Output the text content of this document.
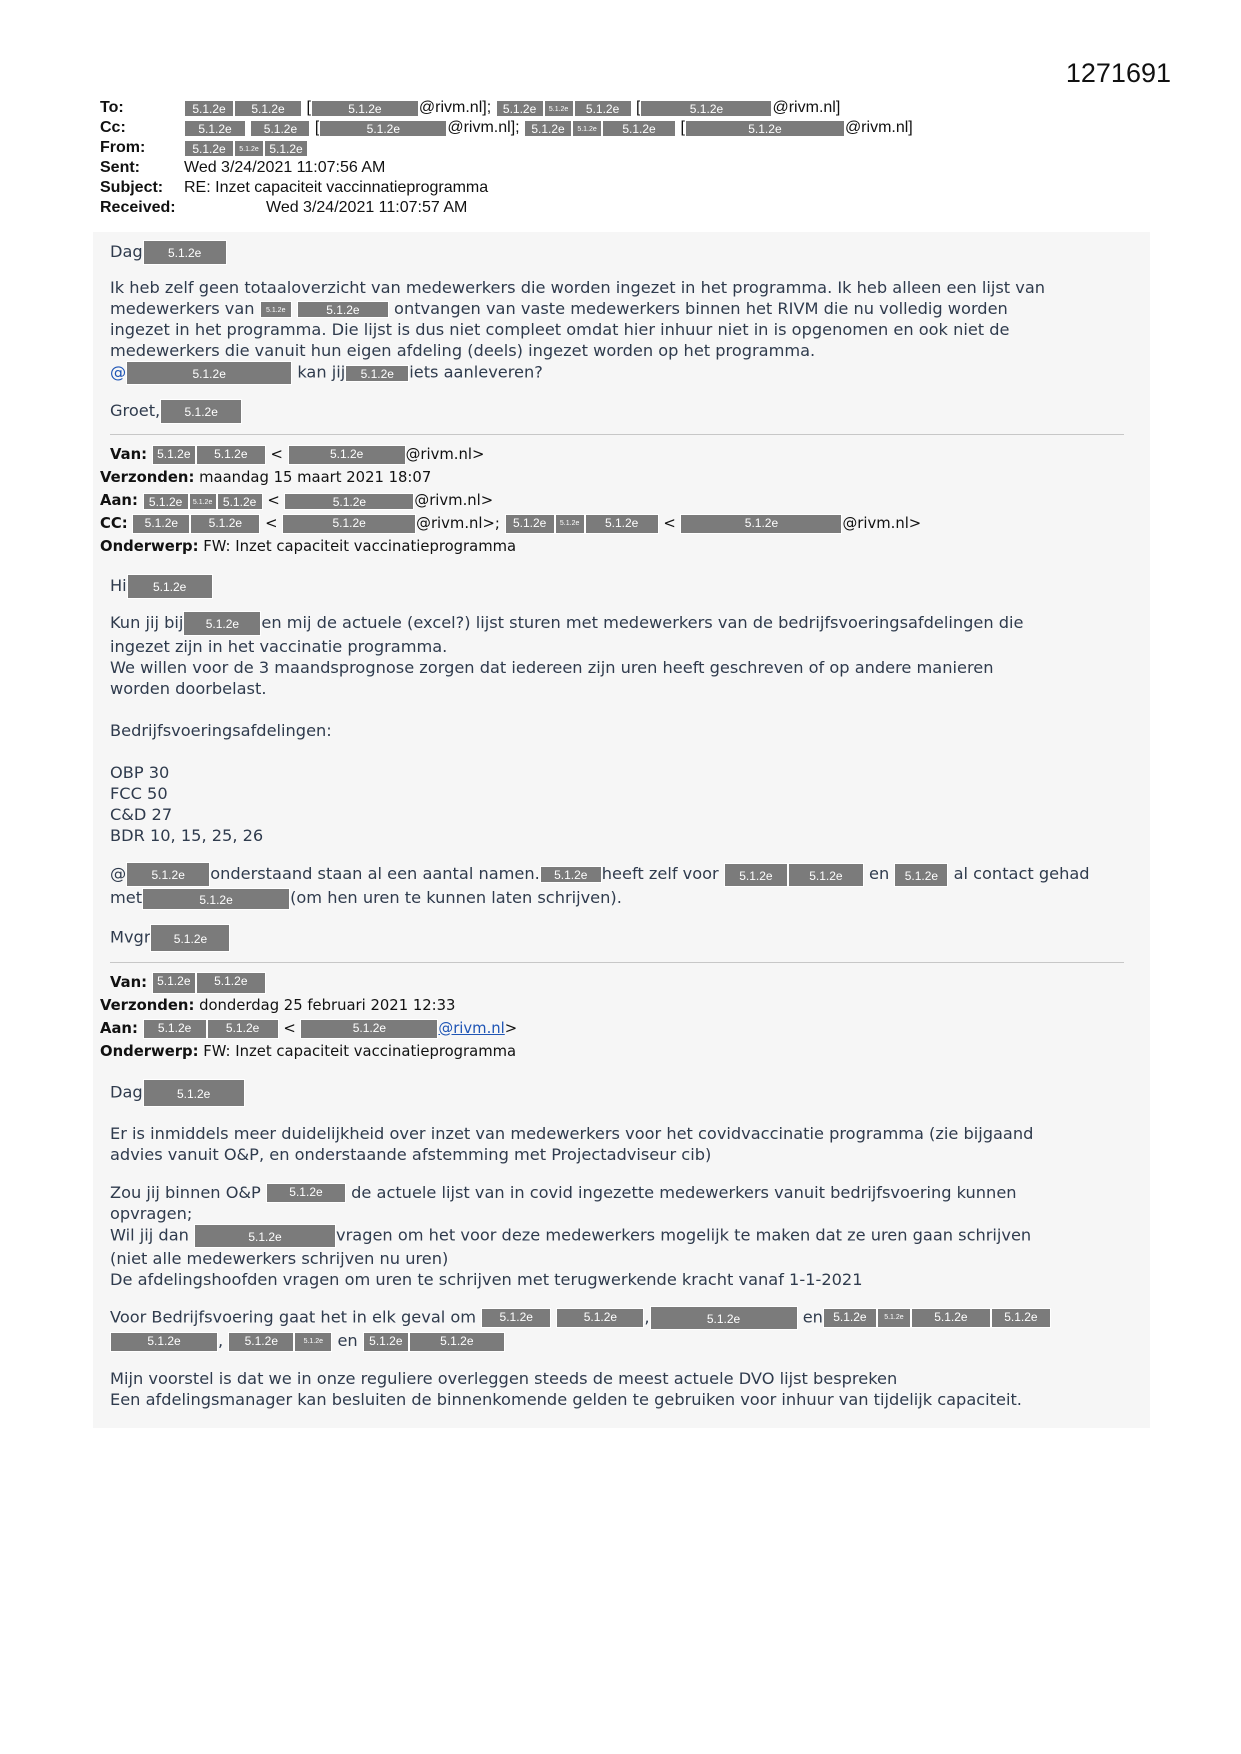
1271691
To:	5.1.2e	5.1.2e	[	5.1.2e	@rivm.nl];
5.1.2e	5.1.2e	5.1.2e [	5.1.2e	@rivm.nl]
Cc:	5.1.2e
	5.1.2e [	5.1.2e	@rivm.nl];
5.1.2e	5.1.2e	5.1.2e	[	5.1.2e	@rivm.nl]
From:	5.1.2e	5.1.2e 5.1.2e
Sent:	Wed 3/24/2021 11:07:56 AM
Subject:	RE: Inzet capaciteit vaccinnatieprogramma
Received:	Wed 3/24/2021 11:07:57 AM
Dag 5.1.2e
Ik heb zelf geen totaaloverzicht van medewerkers die worden ingezet in het programma. Ik heb alleen een lijst van
medewerkers van 5.1.2e	5.1.2e ontvangen van vaste medewerkers binnen het RIVM die nu volledig worden
ingezet in het programma. Die lijst is dus niet compleet omdat hier inhuur niet in is opgenomen en ook niet de
medewerkers die vanuit hun eigen afdeling (deels) ingezet worden op het programma.
@	5.1.2e	kan jij 5.1.2e iets aanleveren?
Groet, 5.1.2e
Van: 5.1.2e 5.1.2e <	5.1.2e	@rivm.nl>
Verzonden: maandag 15 maart 2021 18:07
Aan: 5.1.2e 5.1.2e 5.1.2e <	5.1.2e	@rivm.nl>
CC: 5.1.2e	5.1.2e <	5.1.2e	@rivm.nl>; 5.1.2e 5.1.2e 5.1.2e <	5.1.2e	@rivm.nl>
Onderwerp: FW: Inzet capaciteit vaccinatieprogramma
Hi 5.1.2e
Kun jij bij 5.1.2e en mij de actuele (excel?) lijst sturen met medewerkers van de bedrijfsvoeringsafdelingen die
ingezet zijn in het vaccinatie programma.
We willen voor de 3 maandsprognose zorgen dat iedereen zijn uren heeft geschreven of op andere manieren
worden doorbelast.
Bedrijfsvoeringsafdelingen:
OBP 30
FCC 50
C&D 27
BDR 10, 15, 25, 26
@ 5.1.2e onderstaand staan al een aantal namen. 5.1.2e heeft zelf voor 5.1.2e	5.1.2e en 5.1.2e al contact gehad
met	5.1.2e	(om hen uren te kunnen laten schrijven).
Mvgr 5.1.2e
Van: 5.1.2e 5.1.2e
Verzonden: donderdag 25 februari 2021 12:33
Aan: 5.1.2e	5.1.2e <	5.1.2e	@rivm.nl>
Onderwerp: FW: Inzet capaciteit vaccinatieprogramma
Dag	5.1.2e
Er is inmiddels meer duidelijkheid over inzet van medewerkers voor het covidvaccinatie programma (zie bijgaand
advies vanuit O&P, en onderstaande afstemming met Projectadviseur cib)
Zou jij binnen O&P 5.1.2e de actuele lijst van in covid ingezette medewerkers vanuit bedrijfsvoering kunnen
opvragen;
Wil jij dan	5.1.2e	vragen om het voor deze medewerkers mogelijk te maken dat ze uren gaan schrijven
(niet alle medewerkers schrijven nu uren)
De afdelingshoofden vragen om uren te schrijven met terugwerkende kracht vanaf 1-1-2021
Voor Bedrijfsvoering gaat het in elk geval om 5.1.2e	5.1.2e ,	5.1.2e	en 5.1.2e	5.1.2e	5.1.2e	5.1.2e
5.1.2e , 5.1.2e	5.1.2e en 5.1.2e	5.1.2e
Mijn voorstel is dat we in onze reguliere overleggen steeds de meest actuele DVO lijst bespreken
Een afdelingsmanager kan besluiten de binnenkomende gelden te gebruiken voor inhuur van tijdelijk capaciteit.
